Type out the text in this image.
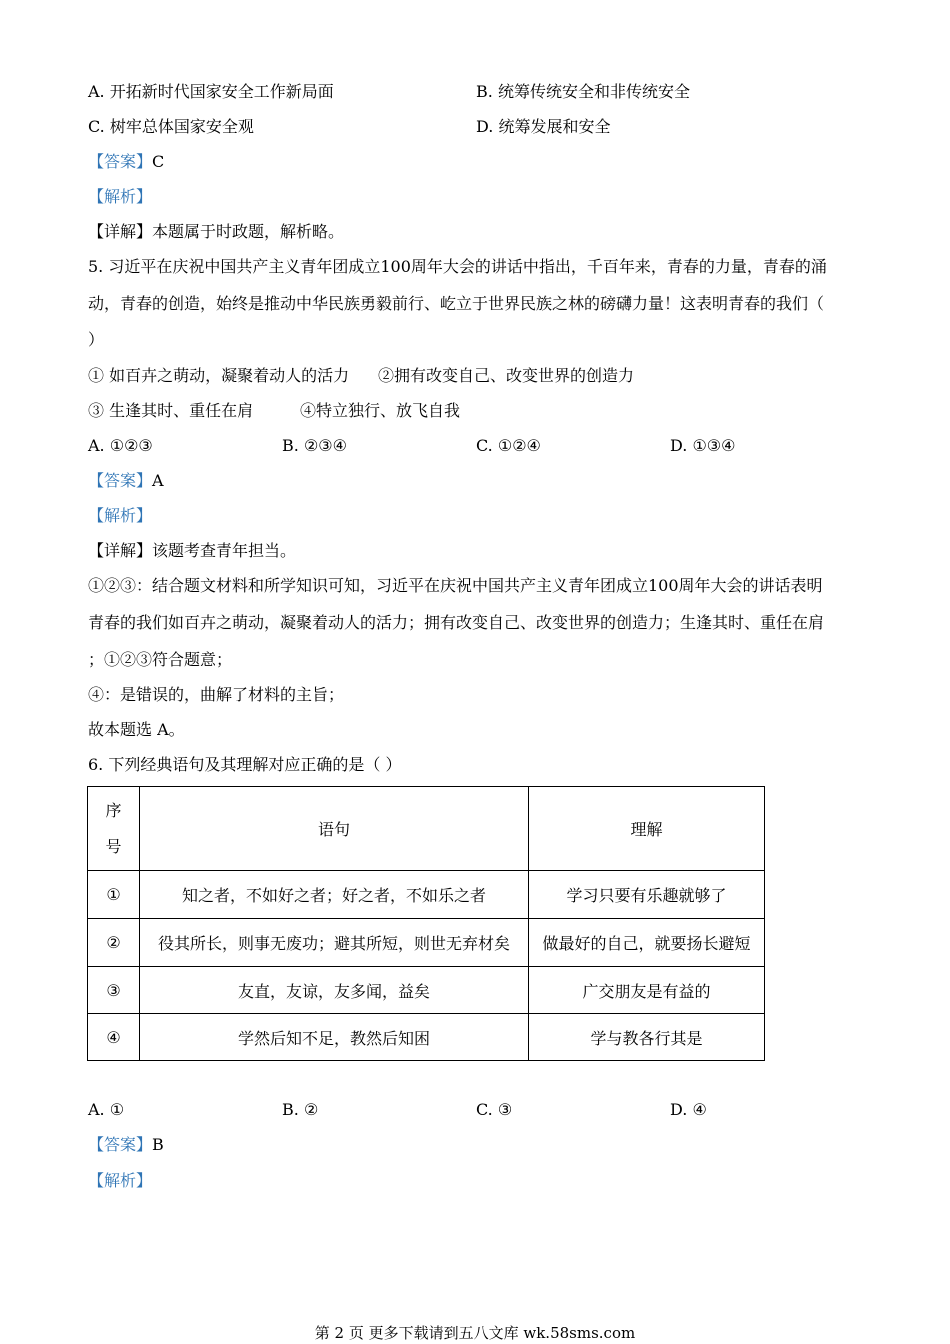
A. 开拓新时代国家安全工作新局面	B. 统筹传统安全和非传统安全
C. 树牢总体国家安全观	D. 统筹发展和安全
【答案】C
【解析】
【详解】本题属于时政题，解析略。
5. 习近平在庆祝中国共产主义青年团成立100周年大会的讲话中指出，千百年来，青春的力量，青春的涌
动，青春的创造，始终是推动中华民族勇毅前行、屹立于世界民族之林的磅礴力量！这表明青春的我们（
）
① 如百卉之萌动，凝聚着动人的活力 ②拥有改变自己、改变世界的创造力
③ 生逢其时、重任在肩	④特立独行、放飞自我
A. ①②③	B. ②③④	C. ①②④	D. ①③④
【答案】A
【解析】
【详解】该题考查青年担当。
①②③：结合题文材料和所学知识可知，习近平在庆祝中国共产主义青年团成立100周年大会的讲话表明
青春的我们如百卉之萌动，凝聚着动人的活力；拥有改变自己、改变世界的创造力；生逢其时、重任在肩
；①②③符合题意；
④：是错误的，曲解了材料的主旨；
故本题选 A。
6. 下列经典语句及其理解对应正确的是（ ）
序
号	语句	理解
①	知之者，不如好之者；好之者，不如乐之者	学习只要有乐趣就够了
②	役其所长，则事无废功；避其所短，则世无弃材矣	做最好的自己，就要扬长避短
③	友直，友谅，友多闻，益矣	广交朋友是有益的
④	学然后知不足，教然后知困	学与教各行其是
A. ①	B. ②	C. ③	D. ④
【答案】B
【解析】
第 2 页 更多下载请到五八文库 wk.58sms.com
